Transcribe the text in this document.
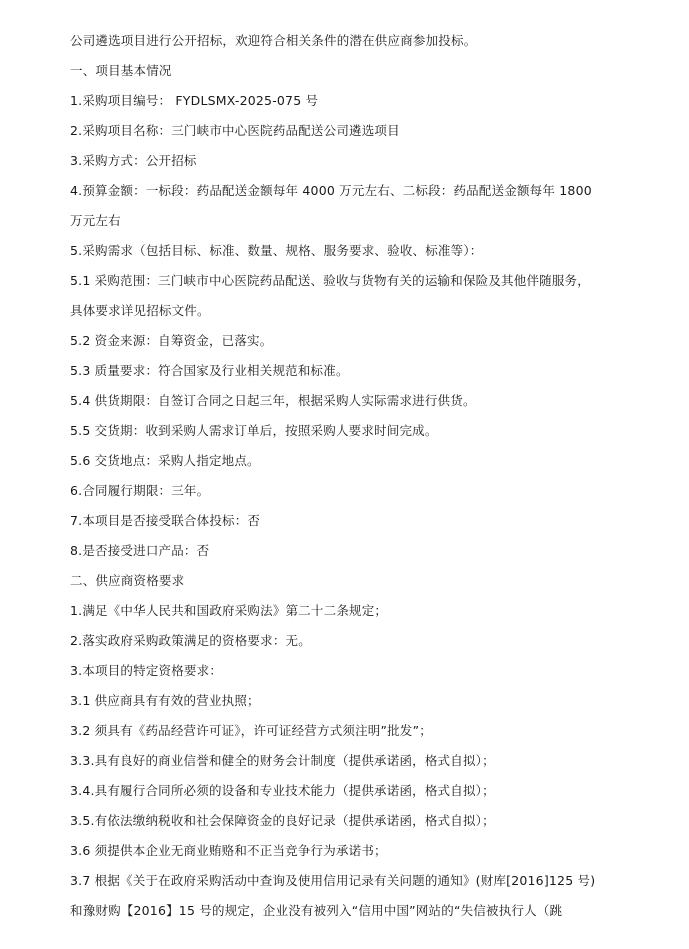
公司遴选项目进行公开招标，欢迎符合相关条件的潜在供应商参加投标。
一、项目基本情况
1.采购项目编号： FYDLSMX-2025-075 号
2.采购项目名称：三门峡市中心医院药品配送公司遴选项目
3.采购方式：公开招标
4.预算金额：一标段：药品配送金额每年 4000 万元左右、二标段：药品配送金额每年 1800
万元左右
5.采购需求（包括目标、标准、数量、规格、服务要求、验收、标准等）：
5.1 采购范围：三门峡市中心医院药品配送、验收与货物有关的运输和保险及其他伴随服务，
具体要求详见招标文件。
5.2 资金来源：自筹资金，已落实。
5.3 质量要求：符合国家及行业相关规范和标准。
5.4 供货期限：自签订合同之日起三年，根据采购人实际需求进行供货。
5.5 交货期：收到采购人需求订单后，按照采购人要求时间完成。
5.6 交货地点：采购人指定地点。
6.合同履行期限：三年。
7.本项目是否接受联合体投标：否
8.是否接受进口产品：否
二、供应商资格要求
1.满足《中华人民共和国政府采购法》第二十二条规定；
2.落实政府采购政策满足的资格要求：无。
3.本项目的特定资格要求：
3.1 供应商具有有效的营业执照；
3.2 须具有《药品经营许可证》，许可证经营方式须注明”批发”；
3.3.具有良好的商业信誉和健全的财务会计制度（提供承诺函，格式自拟）；
3.4.具有履行合同所必须的设备和专业技术能力（提供承诺函，格式自拟）；
3.5.有依法缴纳税收和社会保障资金的良好记录（提供承诺函，格式自拟）；
3.6 须提供本企业无商业贿赂和不正当竞争行为承诺书；
3.7 根据《关于在政府采购活动中查询及使用信用记录有关问题的通知》(财库[2016]125 号)
和豫财购【2016】15 号的规定，企业没有被列入“信用中国”网站的“失信被执行人（跳
